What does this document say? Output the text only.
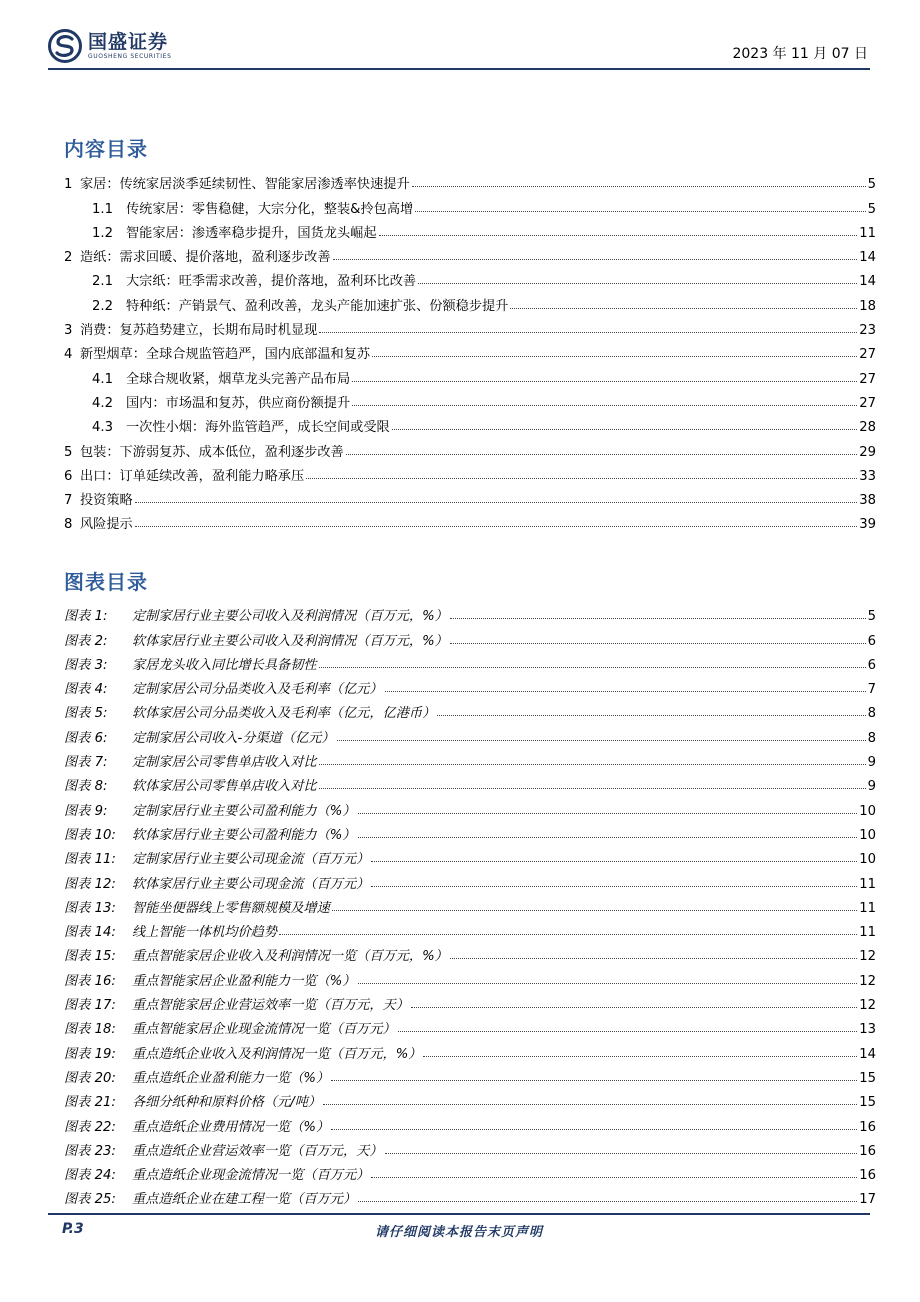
国盛证券
GUOSHENG SECURITIES	2023 年 11 月 07 日
内容目录
1 家居：传统家居淡季延续韧性、智能家居渗透率快速提升	5
1.1 传统家居：零售稳健，大宗分化，整装&拎包高增	5
1.2 智能家居：渗透率稳步提升，国货龙头崛起	11
2 造纸：需求回暖、提价落地，盈利逐步改善	14
2.1 大宗纸：旺季需求改善，提价落地，盈利环比改善	14
2.2 特种纸：产销景气、盈利改善，龙头产能加速扩张、份额稳步提升	18
3 消费：复苏趋势建立，长期布局时机显现	23
4 新型烟草：全球合规监管趋严，国内底部温和复苏	27
4.1 全球合规收紧，烟草龙头完善产品布局	27
4.2 国内：市场温和复苏，供应商份额提升	27
4.3 一次性小烟：海外监管趋严，成长空间或受限	28
5 包装：下游弱复苏、成本低位，盈利逐步改善	29
6 出口：订单延续改善，盈利能力略承压	33
7 投资策略	38
8 风险提示	39
图表目录
图表 1:	定制家居行业主要公司收入及利润情况（百万元，%）	5
图表 2:	软体家居行业主要公司收入及利润情况（百万元，%）	6
图表 3:	家居龙头收入同比增长具备韧性	6
图表 4:	定制家居公司分品类收入及毛利率（亿元）	7
图表 5:	软体家居公司分品类收入及毛利率（亿元，亿港币）	8
图表 6:	定制家居公司收入-分渠道（亿元）	8
图表 7:	定制家居公司零售单店收入对比	9
图表 8:	软体家居公司零售单店收入对比	9
图表 9:	定制家居行业主要公司盈利能力（%）	10
图表 10:	软体家居行业主要公司盈利能力（%）	10
图表 11:	定制家居行业主要公司现金流（百万元）	10
图表 12:	软体家居行业主要公司现金流（百万元）	11
图表 13:	智能坐便器线上零售额规模及增速	11
图表 14:	线上智能一体机均价趋势	11
图表 15:	重点智能家居企业收入及利润情况一览（百万元，%）	12
图表 16:	重点智能家居企业盈利能力一览（%）	12
图表 17:	重点智能家居企业营运效率一览（百万元，天）	12
图表 18:	重点智能家居企业现金流情况一览（百万元）	13
图表 19:	重点造纸企业收入及利润情况一览（百万元，%）	14
图表 20:	重点造纸企业盈利能力一览（%）	15
图表 21:	各细分纸种和原料价格（元/吨）	15
图表 22:	重点造纸企业费用情况一览（%）	16
图表 23:	重点造纸企业营运效率一览（百万元，天）	16
图表 24:	重点造纸企业现金流情况一览（百万元）	16
图表 25:	重点造纸企业在建工程一览（百万元）	17
P.3	请仔细阅读本报告末页声明
